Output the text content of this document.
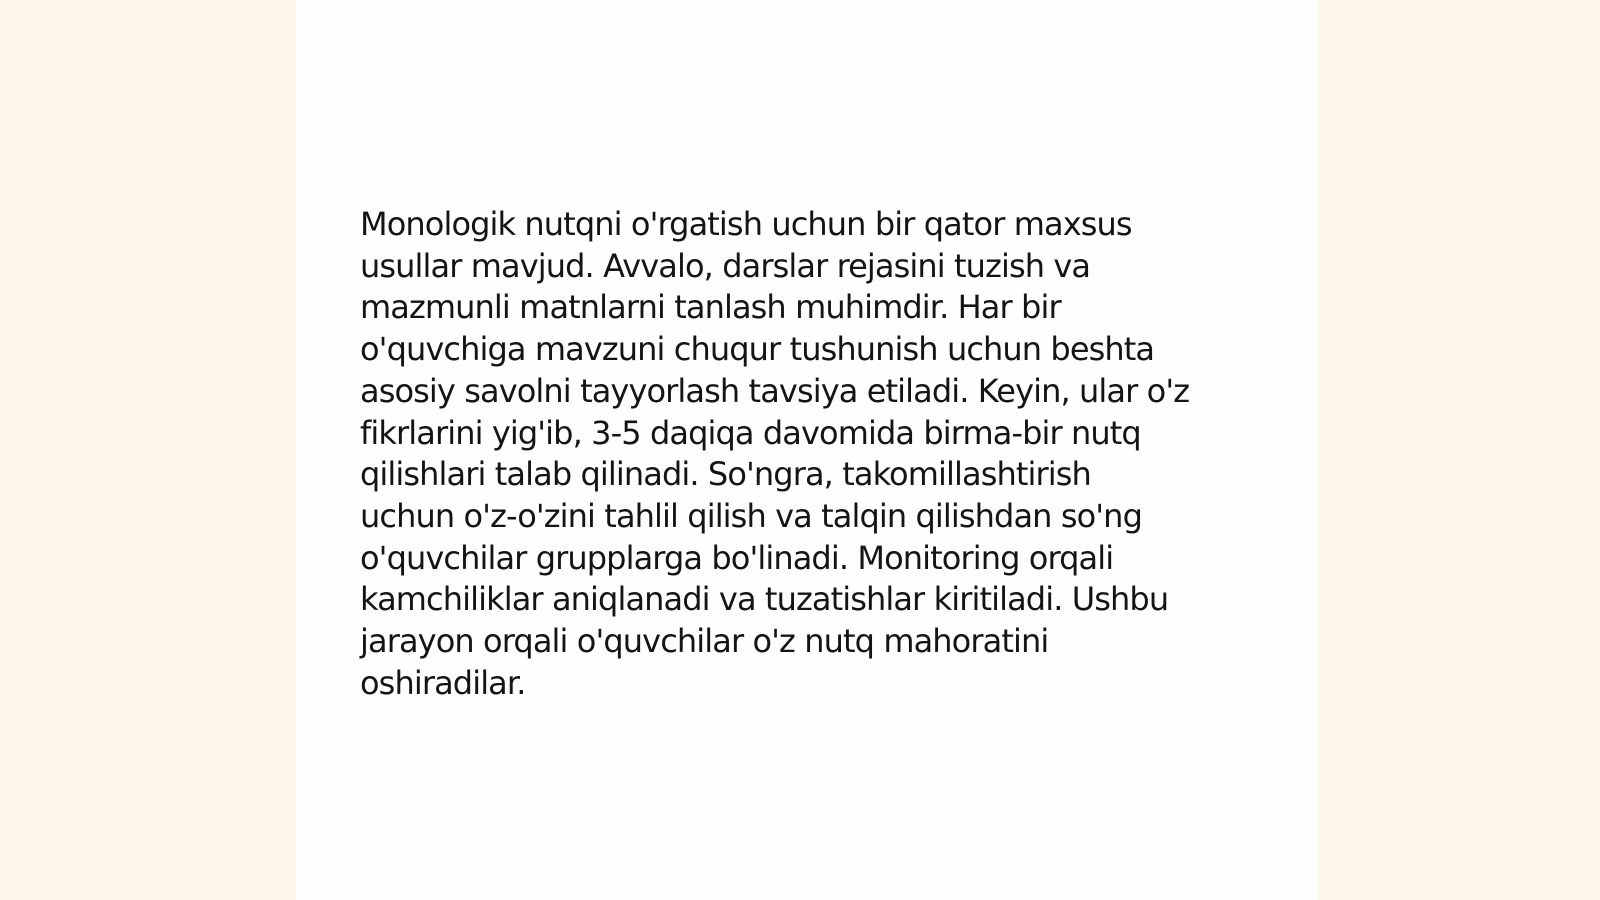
Monologik nutqni o'rgatish uchun bir qator maxsus
usullar mavjud. Avvalo, darslar rejasini tuzish va
mazmunli matnlarni tanlash muhimdir. Har bir
o'quvchiga mavzuni chuqur tushunish uchun beshta
asosiy savolni tayyorlash tavsiya etiladi. Keyin, ular o'z
fikrlarini yig'ib, 3-5 daqiqa davomida birma-bir nutq
qilishlari talab qilinadi. So'ngra, takomillashtirish
uchun o'z-o'zini tahlil qilish va talqin qilishdan so'ng
o'quvchilar grupplarga bo'linadi. Monitoring orqali
kamchiliklar aniqlanadi va tuzatishlar kiritiladi. Ushbu
jarayon orqali o'quvchilar o'z nutq mahoratini
oshiradilar.
